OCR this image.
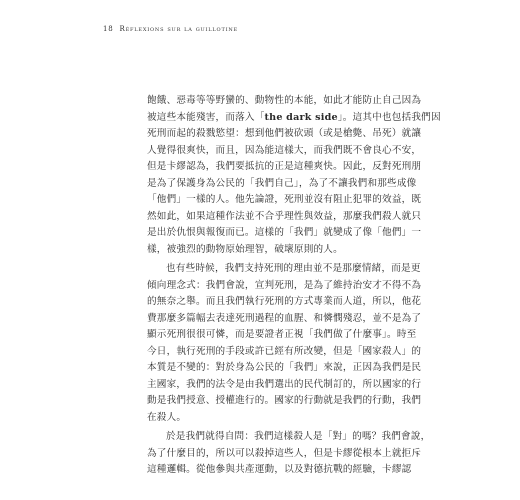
18 Réflexions sur la guillotine
飽餓、惡毒等等野蠻的、動物性的本能，如此才能防止自己因為
被這些本能殘害，而落入「the dark side」。這其中也包括我們因
死刑而起的殺戮慾望：想到他們被砍頭（或是槍斃、吊死）就讓
人覺得很爽快，而且，因為能這樣大，而我們既不會良心不安，
但是卡繆認為，我們要抵抗的正是這種爽快。因此，反對死刑朋
是為了保護身為公民的「我們自己」，為了不讓我們和那些成像
「他們」一樣的人。他先論證，死刑並沒有阻止犯罪的效益，既
然如此，如果這種作法並不合乎理性與效益，那麼我們殺人就只
是出於仇恨與報復而已。這樣的「我們」就變成了像「他們」一
樣，被強烈的動物原始理智，破壞原則的人。
也有些時候，我們支持死刑的理由並不是那麼情緒，而是更
傾向理念式：我們會說，宣判死刑，是為了維持治安才不得不為
的無奈之舉。而且我們執行死刑的方式專業而人道，所以，他花
費那麼多篇幅去表達死刑過程的血腥、和憐憫殘忍，並不是為了
顯示死刑很很可憐，而是要證者正視「我們做了什麼事」。時至
今日，執行死刑的手段或許已經有所改變，但是「國家殺人」的
本質是不變的：對於身為公民的「我們」來說，正因為我們是民
主國家，我們的法令是由我們選出的民代制訂的，所以國家的行
動是我們授意、授權進行的。國家的行動就是我們的行動，我們
在殺人。
於是我們就得自問：我們這樣殺人是「對」的嗎？我們會說，
為了什麼目的，所以可以殺掉這些人，但是卡繆從根本上就拒斥
這種邏輯。從他參與共產運動，以及對德抗戰的經驗，卡繆認
